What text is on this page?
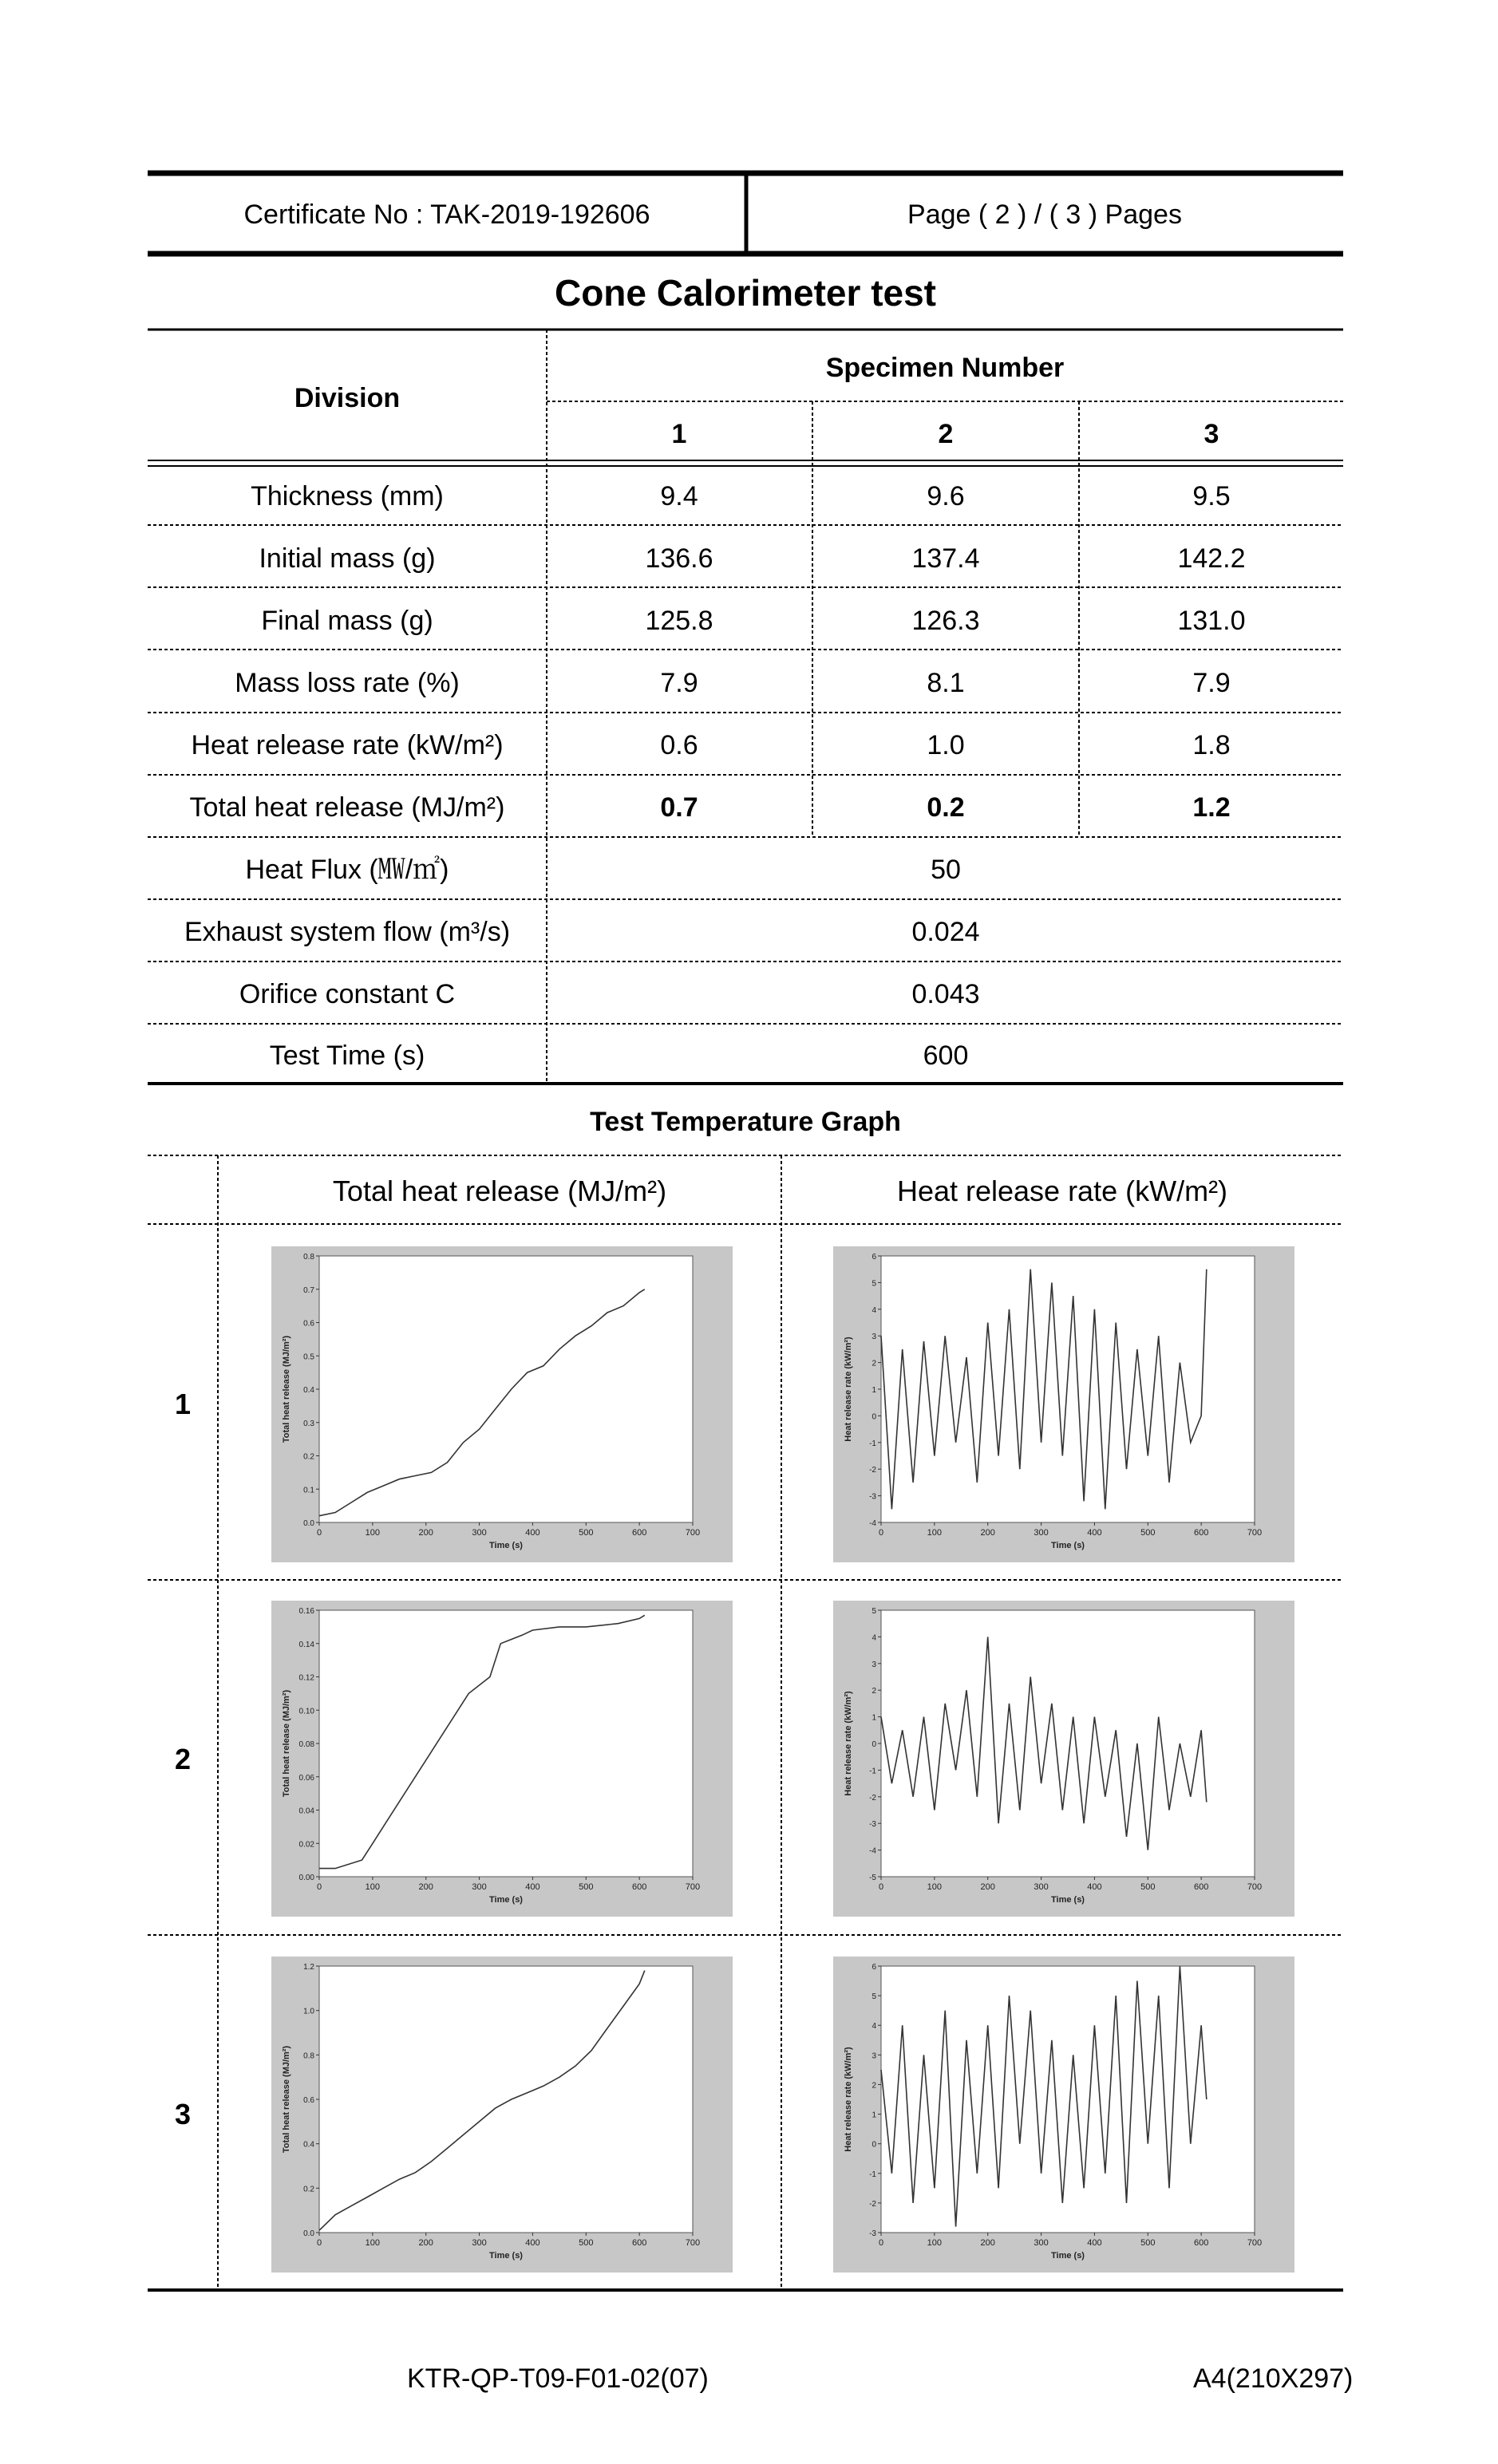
Certificate No : TAK-2019-192606	Page ( 2 ) / ( 3 ) Pages
Cone Calorimeter test
Division
Specimen Number
1	2	3
Thickness (mm)	9.4	9.6	9.5
Initial mass (g)	136.6	137.4	142.2
Final mass (g)	125.8	126.3	131.0
Mass loss rate (%)	7.9	8.1	7.9
Heat release rate (kW/m²)	0.6	1.0	1.8
Total heat release (MJ/m²)	0.7	0.2	1.2
Heat Flux (㎿/㎡)	50
Exhaust system flow (m³/s)	0.024
Orifice constant C	0.043
Test Time (s)	600
Test Temperature Graph
Total heat release (MJ/m²)	Heat release rate (kW/m²)
1
2
3
0	100	200	300	400	500	600	700
0.0
0.1
0.2
0.3
0.4
0.5
0.6
0.7
0.8
Time (s)
Total heat release (MJ/m²)
0	100	200	300	400	500	600	700
-4
-3
-2
-1
0
1
2
3
4
5
6
Time (s)
Heat release rate (kW/m²)
0	100	200	300	400	500	600	700
0.00
0.02
0.04
0.06
0.08
0.10
0.12
0.14
0.16
Time (s)
Total heat release (MJ/m²)
0	100	200	300	400	500	600	700
-5
-4
-3
-2
-1
0
1
2
3
4
5
Time (s)
Heat release rate (kW/m²)
0	100	200	300	400	500	600	700
0.0
0.2
0.4
0.6
0.8
1.0
1.2
Time (s)
Total heat release (MJ/m²)
0	100	200	300	400	500	600	700
-3
-2
-1
0
1
2
3
4
5
6
Time (s)
Heat release rate (kW/m²)
KTR-QP-T09-F01-02(07)	A4(210X297)
